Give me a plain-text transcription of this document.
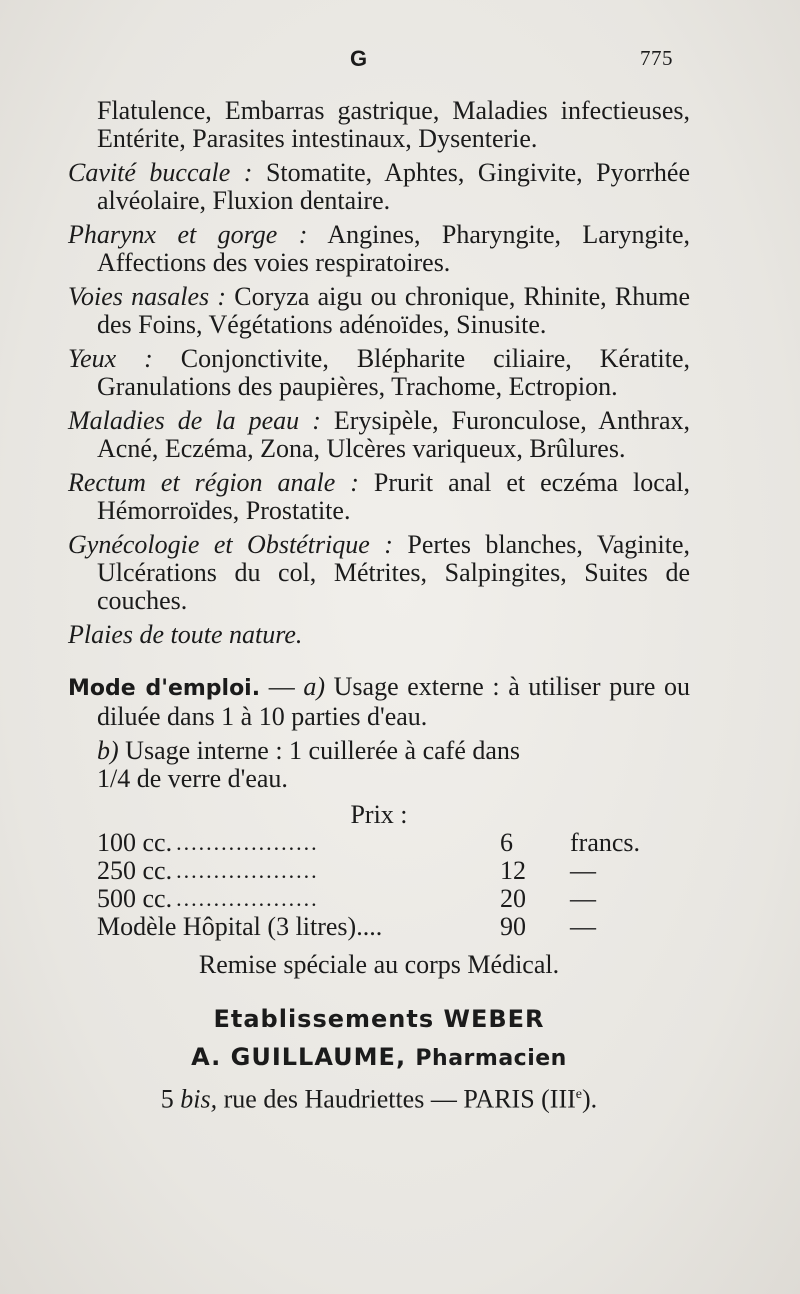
G	775

Flatulence, Embarras gastrique, Maladies infectieuses, Entérite, Parasites intestinaux, Dysenterie.

Cavité buccale : Stomatite, Aphtes, Gingivite, Pyorrhée alvéolaire, Fluxion dentaire.

Pharynx et gorge : Angines, Pharyngite, Laryngite, Affections des voies respiratoires.

Voies nasales : Coryza aigu ou chronique, Rhinite, Rhume des Foins, Végétations adénoïdes, Sinusite.

Yeux : Conjonctivite, Blépharite ciliaire, Kératite, Granulations des paupières, Trachome, Ectropion.

Maladies de la peau : Erysipèle, Furonculose, Anthrax, Acné, Eczéma, Zona, Ulcères variqueux, Brûlures.

Rectum et région anale : Prurit anal et eczéma local, Hémorroïdes, Prostatite.

Gynécologie et Obstétrique : Pertes blanches, Vaginite, Ulcérations du col, Métrites, Salpingites, Suites de couches.

Plaies de toute nature.

Mode d'emploi. — a) Usage externe : à utiliser pure ou diluée dans 1 à 10 parties d'eau.

b) Usage interne : 1 cuillerée à café dans
1/4 de verre d'eau.

Prix :

100 cc. ...................	6	francs.
250 cc. ...................	12	—
500 cc. ...................	20	—
Modèle Hôpital (3 litres)....	90	—

Remise spéciale au corps Médical.

Etablissements WEBER
A. GUILLAUME, Pharmacien
5 bis, rue des Haudriettes — PARIS (IIIe).
